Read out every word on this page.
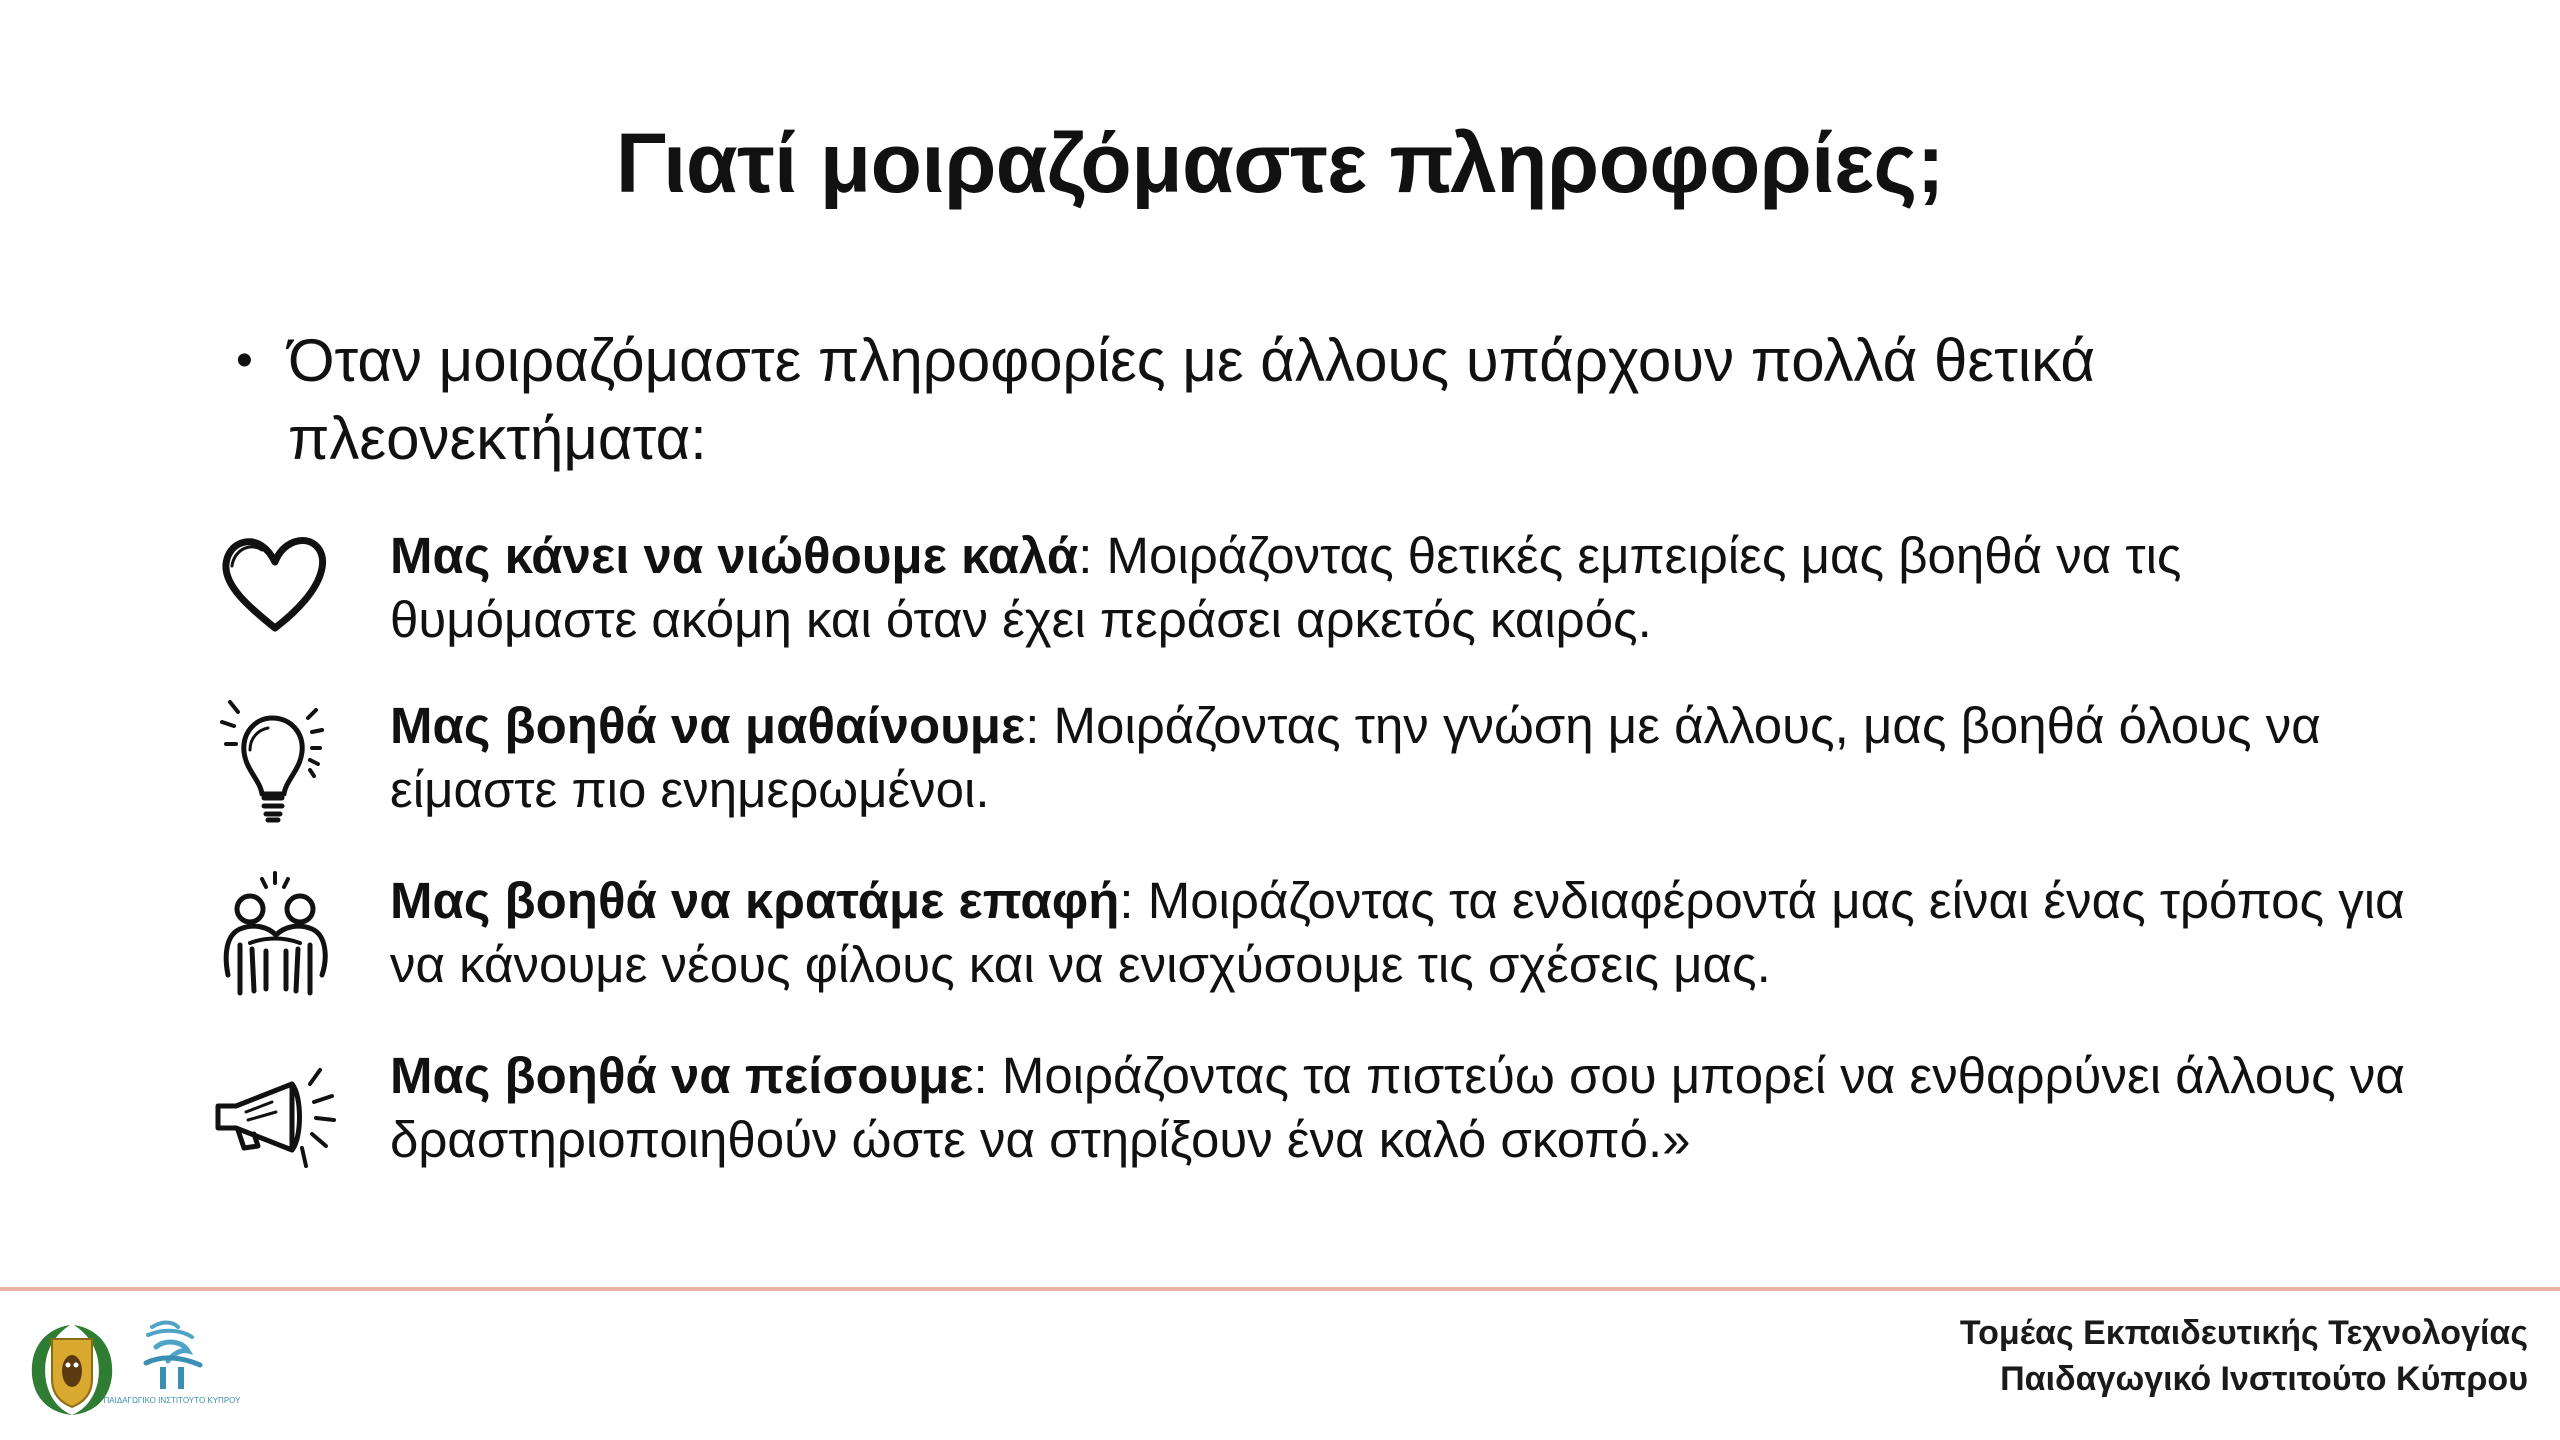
Γιατί μοιραζόμαστε πληροφορίες;
• Όταν μοιραζόμαστε πληροφορίες με άλλους υπάρχουν πολλά θετικά πλεονεκτήματα:
Μας κάνει να νιώθουμε καλά: Μοιράζοντας θετικές εμπειρίες μας βοηθά να τις θυμόμαστε ακόμη και όταν έχει περάσει αρκετός καιρός.
Μας βοηθά να μαθαίνουμε: Μοιράζοντας την γνώση με άλλους, μας βοηθά όλους να είμαστε πιο ενημερωμένοι.
Μας βοηθά να κρατάμε επαφή: Μοιράζοντας τα ενδιαφέροντά μας είναι ένας τρόπος για να κάνουμε νέους φίλους και να ενισχύσουμε τις σχέσεις μας.
Μας βοηθά να πείσουμε: Μοιράζοντας τα πιστεύω σου μπορεί να ενθαρρύνει άλλους να δραστηριοποιηθούν ώστε να στηρίξουν ένα καλό σκοπό.»
ΠΑΙΔΑΓΩΓΙΚΟ ΙΝΣΤΙΤΟΥΤΟ ΚΥΠΡΟΥ
Τομέας Εκπαιδευτικής Τεχνολογίας
Παιδαγωγικό Ινστιτούτο Κύπρου
